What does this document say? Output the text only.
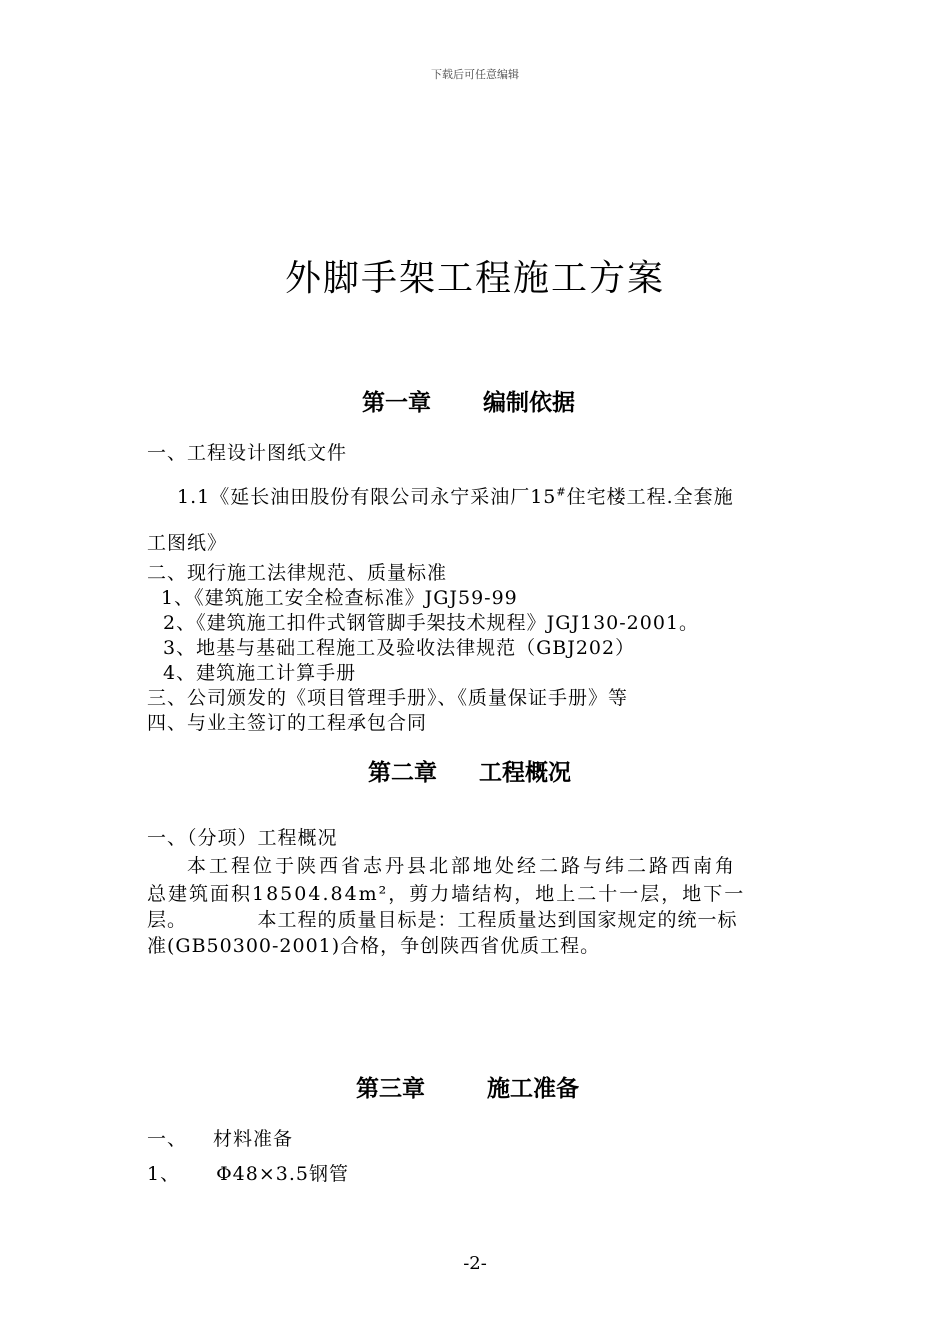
下载后可任意编辑
外脚手架工程施工方案
第一章 编制依据
一、工程设计图纸文件
1.1《延长油田股份有限公司永宁采油厂15#住宅楼工程.全套施
工图纸》
二、现行施工法律规范、质量标准
1、《建筑施工安全检查标准》JGJ59-99
2、《建筑施工扣件式钢管脚手架技术规程》JGJ130-2001。
3、地基与基础工程施工及验收法律规范（GBJ202）
4、建筑施工计算手册
三、公司颁发的《项目管理手册》、《质量保证手册》等
四、与业主签订的工程承包合同
第二章 工程概况
一、（分项）工程概况
本工程位于陕西省志丹县北部地处经二路与纬二路西南角
总建筑面积18504.84m²，剪力墙结构，地上二十一层，地下一
层。　　　　本工程的质量目标是：工程质量达到国家规定的统一标
准(GB50300-2001)合格，争创陕西省优质工程。
第三章	施工准备
一、 材料准备
1、 Φ48×3.5钢管
-2-
